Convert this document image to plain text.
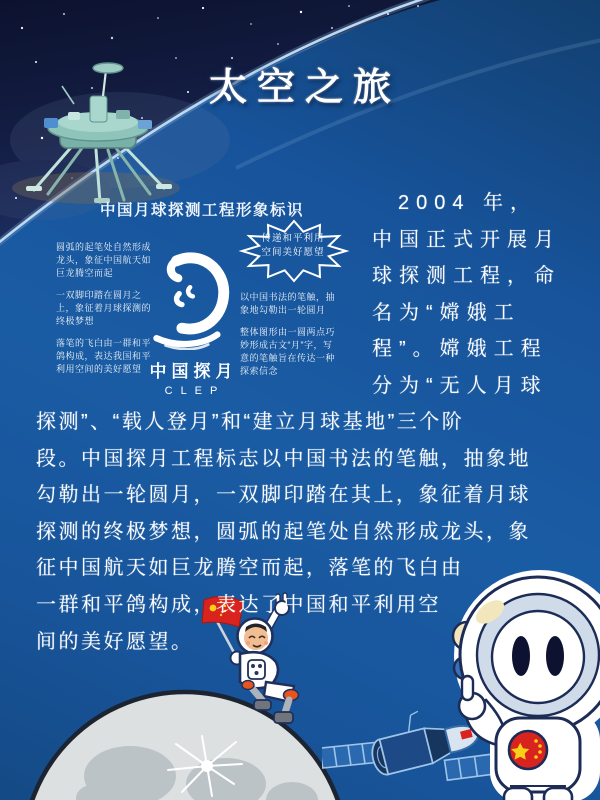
太空之旅
中国月球探测工程形象标识

圆弧的起笔处自然形成龙头，象征中国航天如巨龙腾空而起

一双脚印踏在圆月之上，象征着月球探测的终极梦想

落笔的飞白由一群和平鸽构成，表达我国和平利用空间的美好愿望 中国探月
CLEP
传递和平利用
空间美好愿望

以中国书法的笔触，抽象地勾勒出一轮圆月

整体图形由一圆两点巧妙形成古文“月”字，写意的笔触旨在传达一种探索信念

2004 年，
中国正式开展月
球探测工程，命
名为“嫦娥工
程”。嫦娥工程
分为“无人月球
探测”、“载人登月”和“建立月球基地”三个阶
段。中国探月工程标志以中国书法的笔触，抽象地
勾勒出一轮圆月，一双脚印踏在其上，象征着月球
探测的终极梦想，圆弧的起笔处自然形成龙头，象
征中国航天如巨龙腾空而起，落笔的飞白由
一群和平鸽构成，表达了中国和平利用空
间的美好愿望。
